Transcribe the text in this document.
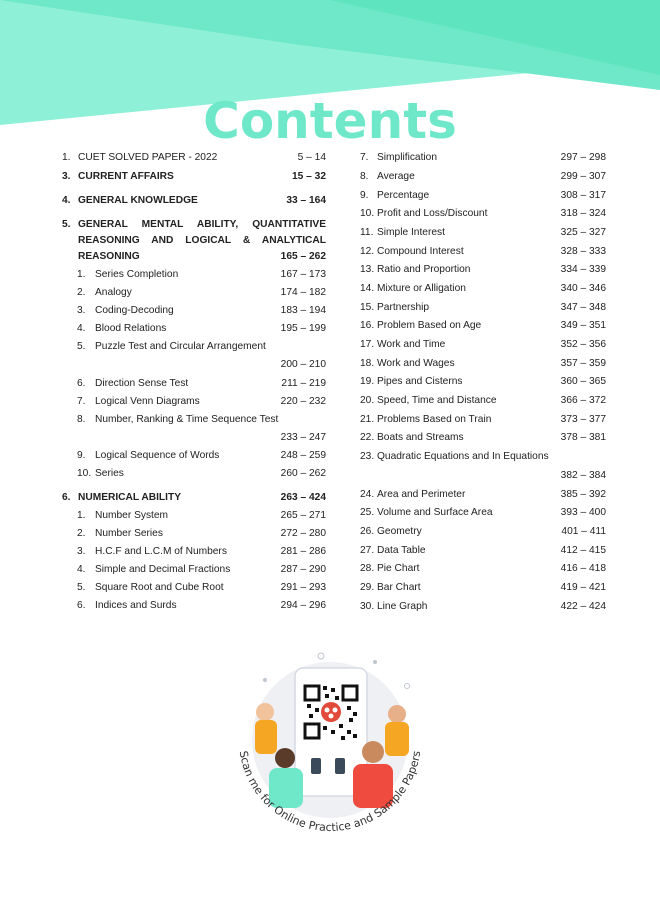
Contents
1. CUET SOLVED PAPER - 2022	5 – 14
3. CURRENT AFFAIRS	15 – 32
4. GENERAL KNOWLEDGE	33 – 164
5. GENERAL MENTAL ABILITY, QUANTITATIVE
REASONING AND LOGICAL & ANALYTICAL
REASONING	165 – 262
1. Series Completion	167 – 173
2. Analogy	174 – 182
3. Coding-Decoding	183 – 194
4. Blood Relations	195 – 199
5. Puzzle Test and Circular Arrangement
200 – 210
6. Direction Sense Test	211 – 219
7. Logical Venn Diagrams	220 – 232
8. Number, Ranking & Time Sequence Test
233 – 247
9. Logical Sequence of Words	248 – 259
10. Series	260 – 262
6. NUMERICAL ABILITY	263 – 424
1. Number System	265 – 271
2. Number Series	272 – 280
3. H.C.F and L.C.M of Numbers	281 – 286
4. Simple and Decimal Fractions	287 – 290
5. Square Root and Cube Root	291 – 293
6. Indices and Surds	294 – 296
7. Simplification	297 – 298
8. Average	299 – 307
9. Percentage	308 – 317
10. Profit and Loss/Discount	318 – 324
11. Simple Interest	325 – 327
12. Compound Interest	328 – 333
13. Ratio and Proportion	334 – 339
14. Mixture or Alligation	340 – 346
15. Partnership	347 – 348
16. Problem Based on Age	349 – 351
17. Work and Time	352 – 356
18. Work and Wages	357 – 359
19. Pipes and Cisterns	360 – 365
20. Speed, Time and Distance	366 – 372
21. Problems Based on Train	373 – 377
22. Boats and Streams	378 – 381
23. Quadratic Equations and In Equations
382 – 384
24. Area and Perimeter	385 – 392
25. Volume and Surface Area	393 – 400
26. Geometry	401 – 411
27. Data Table	412 – 415
28. Pie Chart	416 – 418
29. Bar Chart	419 – 421
30. Line Graph	422 – 424
Scan me for Online Practice and Sample Papers
